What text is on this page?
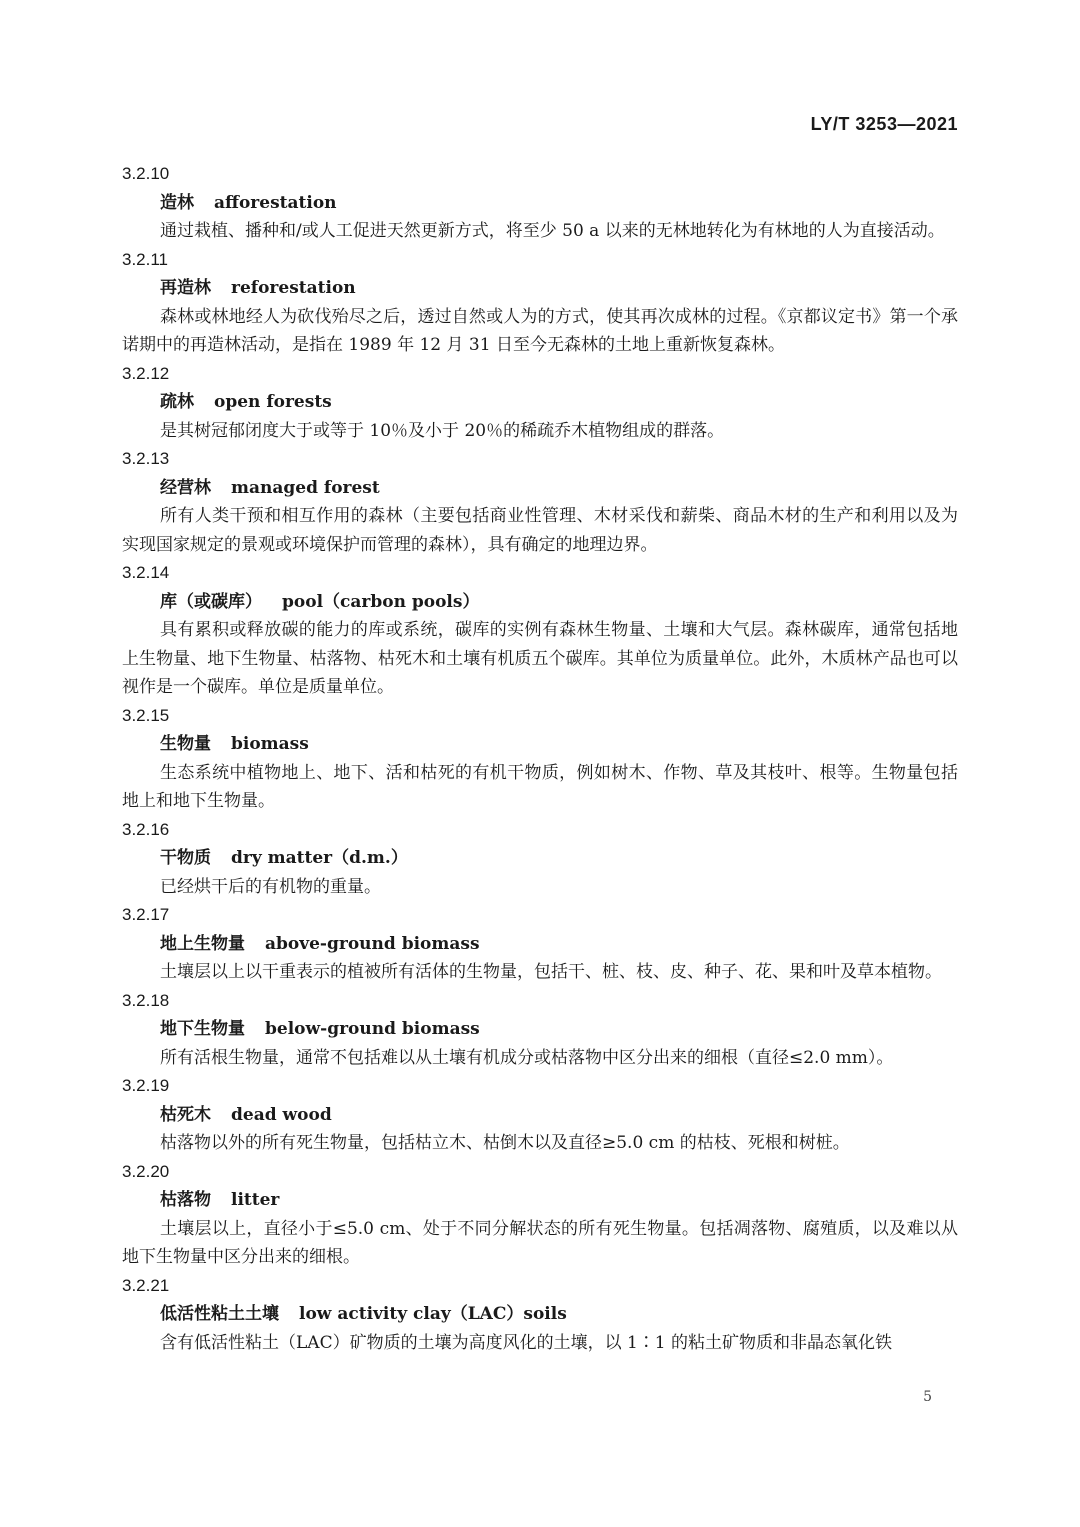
LY/T 3253—2021
3.2.10
造林 afforestation
通过栽植、播种和/或人工促进天然更新方式，将至少 50 a 以来的无林地转化为有林地的人为直接活动。
3.2.11
再造林 reforestation
森林或林地经人为砍伐殆尽之后，透过自然或人为的方式，使其再次成林的过程。《京都议定书》第一个承诺期中的再造林活动，是指在 1989 年 12 月 31 日至今无森林的土地上重新恢复森林。
3.2.12
疏林 open forests
是其树冠郁闭度大于或等于 10％及小于 20％的稀疏乔木植物组成的群落。
3.2.13
经营林 managed forest
所有人类干预和相互作用的森林（主要包括商业性管理、木材采伐和薪柴、商品木材的生产和利用以及为实现国家规定的景观或环境保护而管理的森林），具有确定的地理边界。
3.2.14
库（或碳库） pool（carbon pools）
具有累积或释放碳的能力的库或系统，碳库的实例有森林生物量、土壤和大气层。森林碳库，通常包括地上生物量、地下生物量、枯落物、枯死木和土壤有机质五个碳库。其单位为质量单位。此外，木质林产品也可以视作是一个碳库。单位是质量单位。
3.2.15
生物量 biomass
生态系统中植物地上、地下、活和枯死的有机干物质，例如树木、作物、草及其枝叶、根等。生物量包括地上和地下生物量。
3.2.16
干物质 dry matter（d.m.）
已经烘干后的有机物的重量。
3.2.17
地上生物量 above-ground biomass
土壤层以上以干重表示的植被所有活体的生物量，包括干、桩、枝、皮、种子、花、果和叶及草本植物。
3.2.18
地下生物量 below-ground biomass
所有活根生物量，通常不包括难以从土壤有机成分或枯落物中区分出来的细根（直径≤2.0 mm）。
3.2.19
枯死木 dead wood
枯落物以外的所有死生物量，包括枯立木、枯倒木以及直径≥5.0 cm 的枯枝、死根和树桩。
3.2.20
枯落物 litter
土壤层以上，直径小于≤5.0 cm、处于不同分解状态的所有死生物量。包括凋落物、腐殖质，以及难以从地下生物量中区分出来的细根。
3.2.21
低活性粘土土壤 low activity clay（LAC）soils
含有低活性粘土（LAC）矿物质的土壤为高度风化的土壤，以 1∶1 的粘土矿物质和非晶态氧化铁
5
